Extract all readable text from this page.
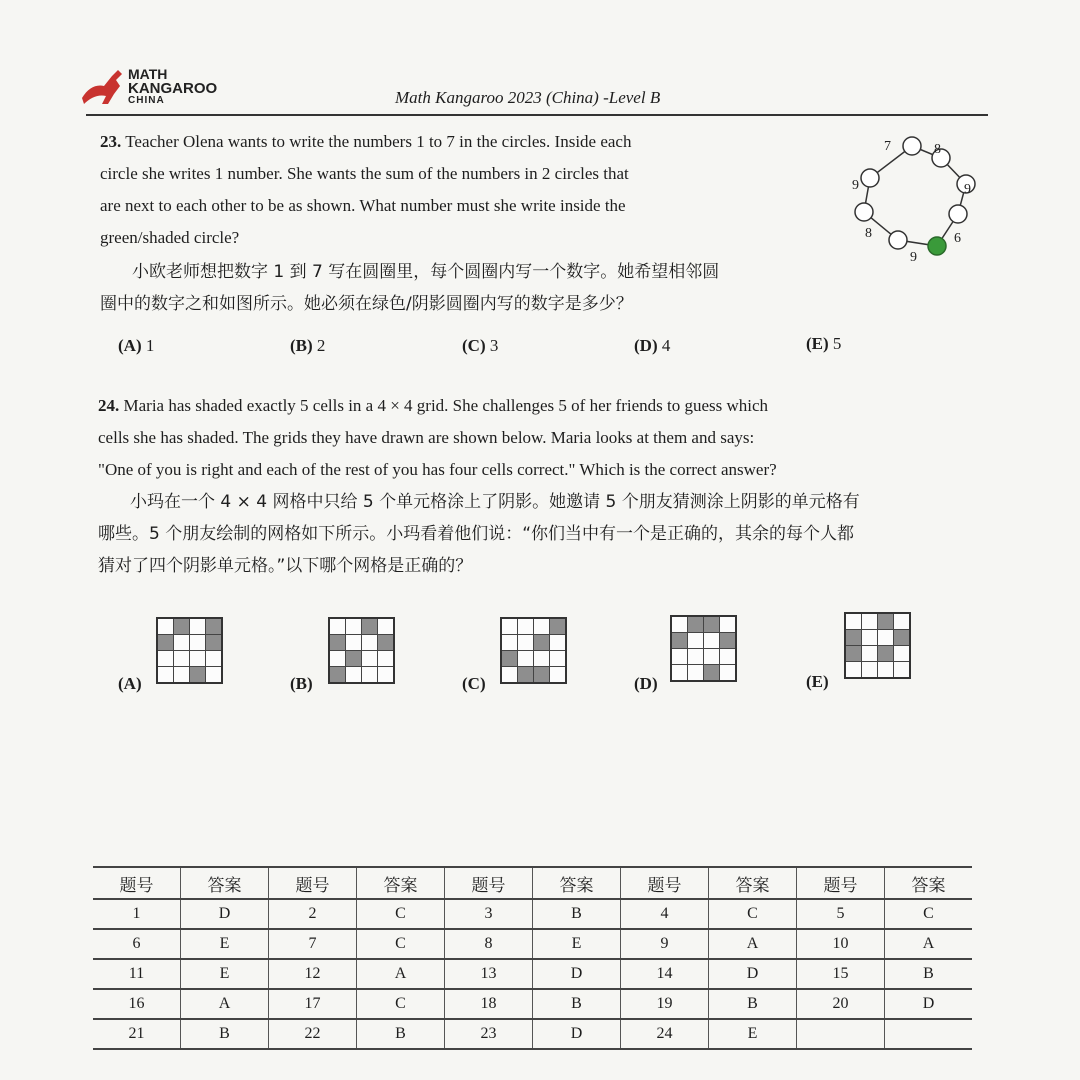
MATH
KANGAROO
CHINA	Math Kangaroo 2023 (China) -Level B
23. Teacher Olena wants to write the numbers 1 to 7 in the circles. Inside each
circle she writes 1 number. She wants the sum of the numbers in 2 circles that
are next to each other to be as shown. What number must she write inside the
green/shaded circle?
小欧老师想把数字 1 到 7 写在圆圈里，每个圆圈内写一个数字。她希望相邻圆
圈中的数字之和如图所示。她必须在绿色/阴影圆圈内写的数字是多少？
7	8
9
6
9
8
9
(A) 1	(B) 2	(C) 3	(D) 4	(E) 5
24. Maria has shaded exactly 5 cells in a 4 × 4 grid. She challenges 5 of her friends to guess which
cells she has shaded. The grids they have drawn are shown below. Maria looks at them and says:
"One of you is right and each of the rest of you has four cells correct." Which is the correct answer?
小玛在一个 4 × 4 网格中只给 5 个单元格涂上了阴影。她邀请 5 个朋友猜测涂上阴影的单元格有
哪些。5 个朋友绘制的网格如下所示。小玛看着他们说：“你们当中有一个是正确的，其余的每个人都
猜对了四个阴影单元格。”以下哪个网格是正确的？
(A)

				(B)

				(C)

				(D)

				(E)

题号	答案	题号	答案	题号	答案	题号	答案	题号	答案
1	D	2	C	3	B	4	C	5	C
6	E	7	C	8	E	9	A	10	A
11	E	12	A	13	D	14	D	15	B
16	A	17	C	18	B	19	B	20	D
21	B	22	B	23	D	24	E		
